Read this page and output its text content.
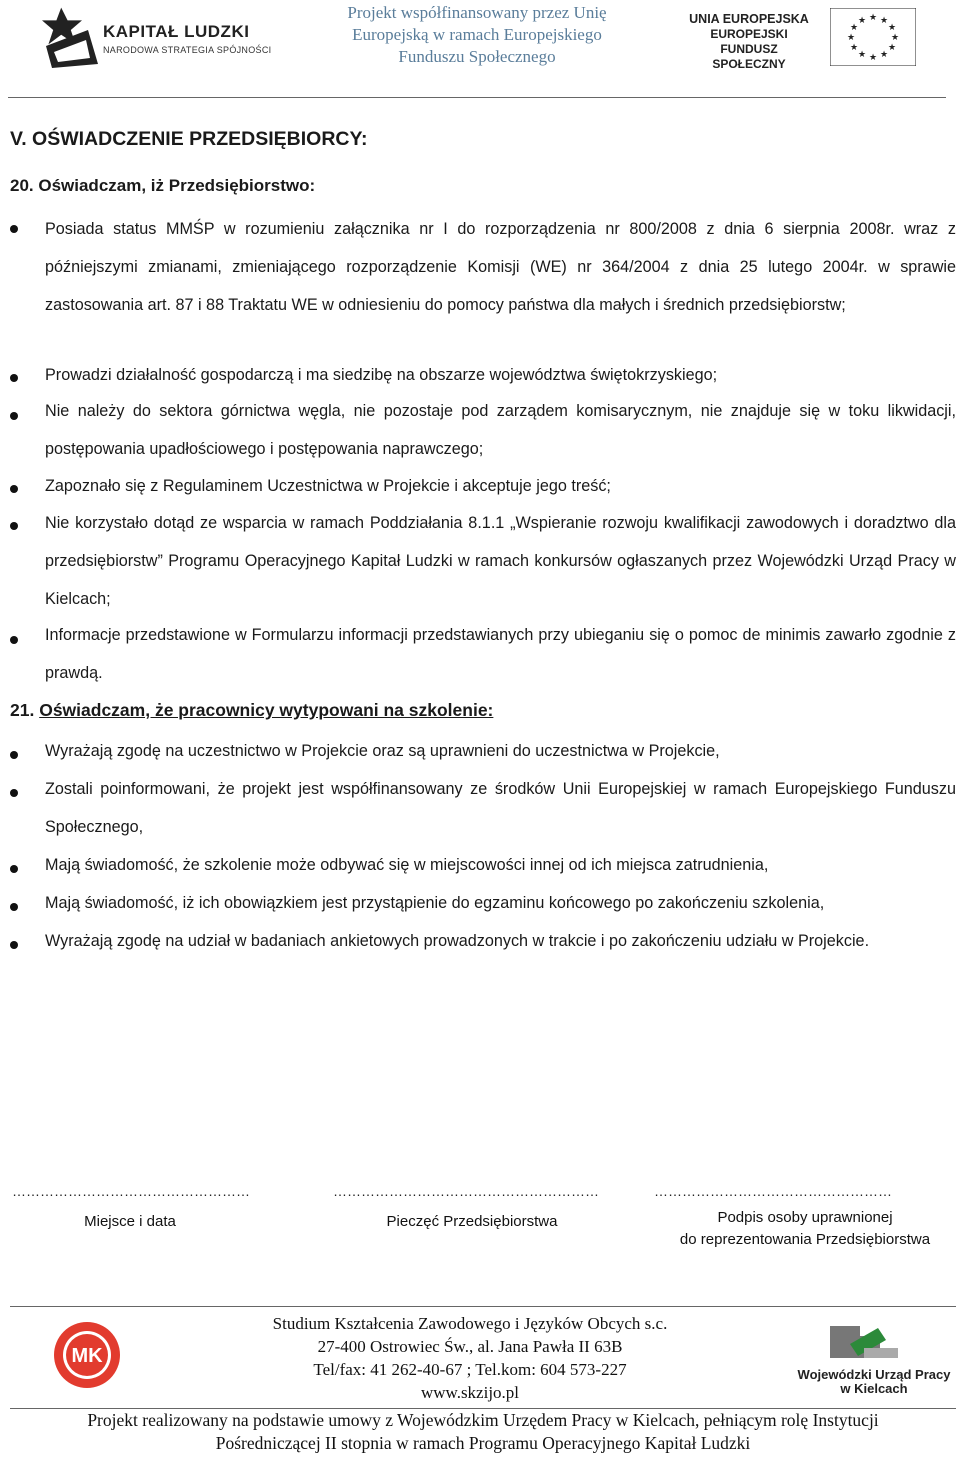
KAPITAŁ LUDZKI
NARODOWA STRATEGIA SPÓJNOŚCI
Projekt współfinansowany przez Unię
Europejską w ramach Europejskiego
Funduszu Społecznego
UNIA EUROPEJSKA
EUROPEJSKI
FUNDUSZ SPOŁECZNY
★ ★
★
★
★
★
★
★
★
★
★
★
V. OŚWIADCZENIE PRZEDSIĘBIORCY:
20. Oświadczam, iż Przedsiębiorstwo:
Posiada status MMŚP w rozumieniu załącznika nr I do rozporządzenia nr 800/2008 z dnia 6 sierpnia 2008r. wraz z późniejszymi zmianami, zmieniającego rozporządzenie Komisji (WE) nr 364/2004 z dnia 25 lutego 2004r. w sprawie zastosowania art. 87 i 88 Traktatu WE w odniesieniu do pomocy państwa dla małych i średnich przedsiębiorstw;
Prowadzi działalność gospodarczą i ma siedzibę na obszarze województwa świętokrzyskiego;
Nie należy do sektora górnictwa węgla, nie pozostaje pod zarządem komisarycznym, nie znajduje się w toku likwidacji, postępowania upadłościowego i postępowania naprawczego;
Zapoznało się z Regulaminem Uczestnictwa w Projekcie i akceptuje jego treść;
Nie korzystało dotąd ze wsparcia w ramach Poddziałania 8.1.1 „Wspieranie rozwoju kwalifikacji zawodowych i doradztwo dla przedsiębiorstw” Programu Operacyjnego Kapitał Ludzki w ramach konkursów ogłaszanych przez Wojewódzki Urząd Pracy w Kielcach;
Informacje przedstawione w Formularzu informacji przedstawianych przy ubieganiu się o pomoc de minimis zawarło zgodnie z prawdą.
21. Oświadczam, że pracownicy wytypowani na szkolenie:
Wyrażają zgodę na uczestnictwo w Projekcie oraz są uprawnieni do uczestnictwa w Projekcie,
Zostali poinformowani, że projekt jest współfinansowany ze środków Unii Europejskiej w ramach Europejskiego Funduszu Społecznego,
Mają świadomość, że szkolenie może odbywać się w miejscowości innej od ich miejsca zatrudnienia,
Mają świadomość, iż ich obowiązkiem jest przystąpienie do egzaminu końcowego po zakończeniu szkolenia,
Wyrażają zgodę na udział w badaniach ankietowych prowadzonych w trakcie i po zakończeniu udziału w Projekcie.
……………………………………………	…………………………………………………	……………………………………………
Miejsce i data	Pieczęć Przedsiębiorstwa	Podpis osoby uprawnionej
do reprezentowania Przedsiębiorstwa
MK
Studium Kształcenia Zawodowego i Języków Obcych s.c.
27-400 Ostrowiec Św., al. Jana Pawła II 63B
Tel/fax: 41 262-40-67 ; Tel.kom: 604 573-227
www.skzijo.pl
Wojewódzki Urząd Pracy
w Kielcach
Projekt realizowany na podstawie umowy z Wojewódzkim Urzędem Pracy w Kielcach, pełniącym rolę Instytucji
Pośredniczącej II stopnia w ramach Programu Operacyjnego Kapitał Ludzki
